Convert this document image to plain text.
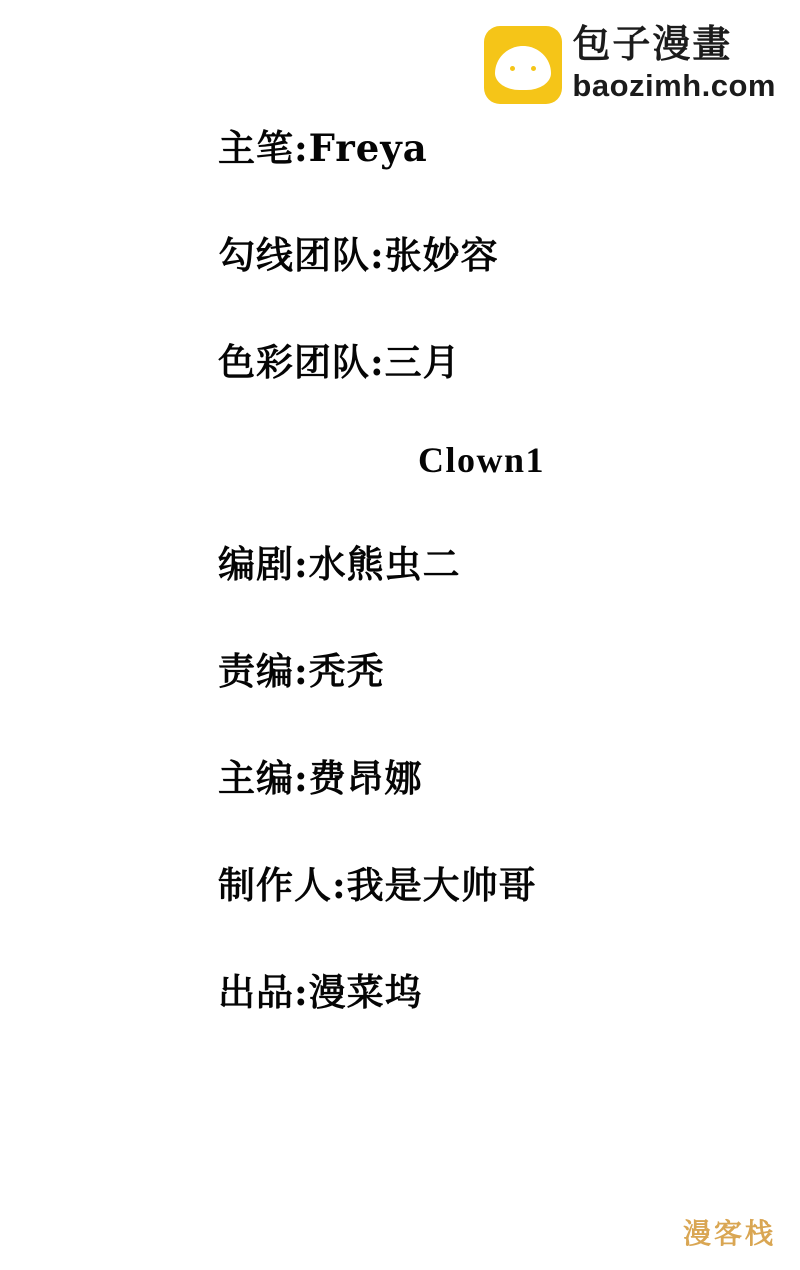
包子漫畫
baozimh.com
主笔:Freya
勾线团队:张妙容
色彩团队:三月
Clown1
编剧:水熊虫二
责编:秃秃
主编:费昂娜
制作人:我是大帅哥
出品:漫菜坞
漫客栈
